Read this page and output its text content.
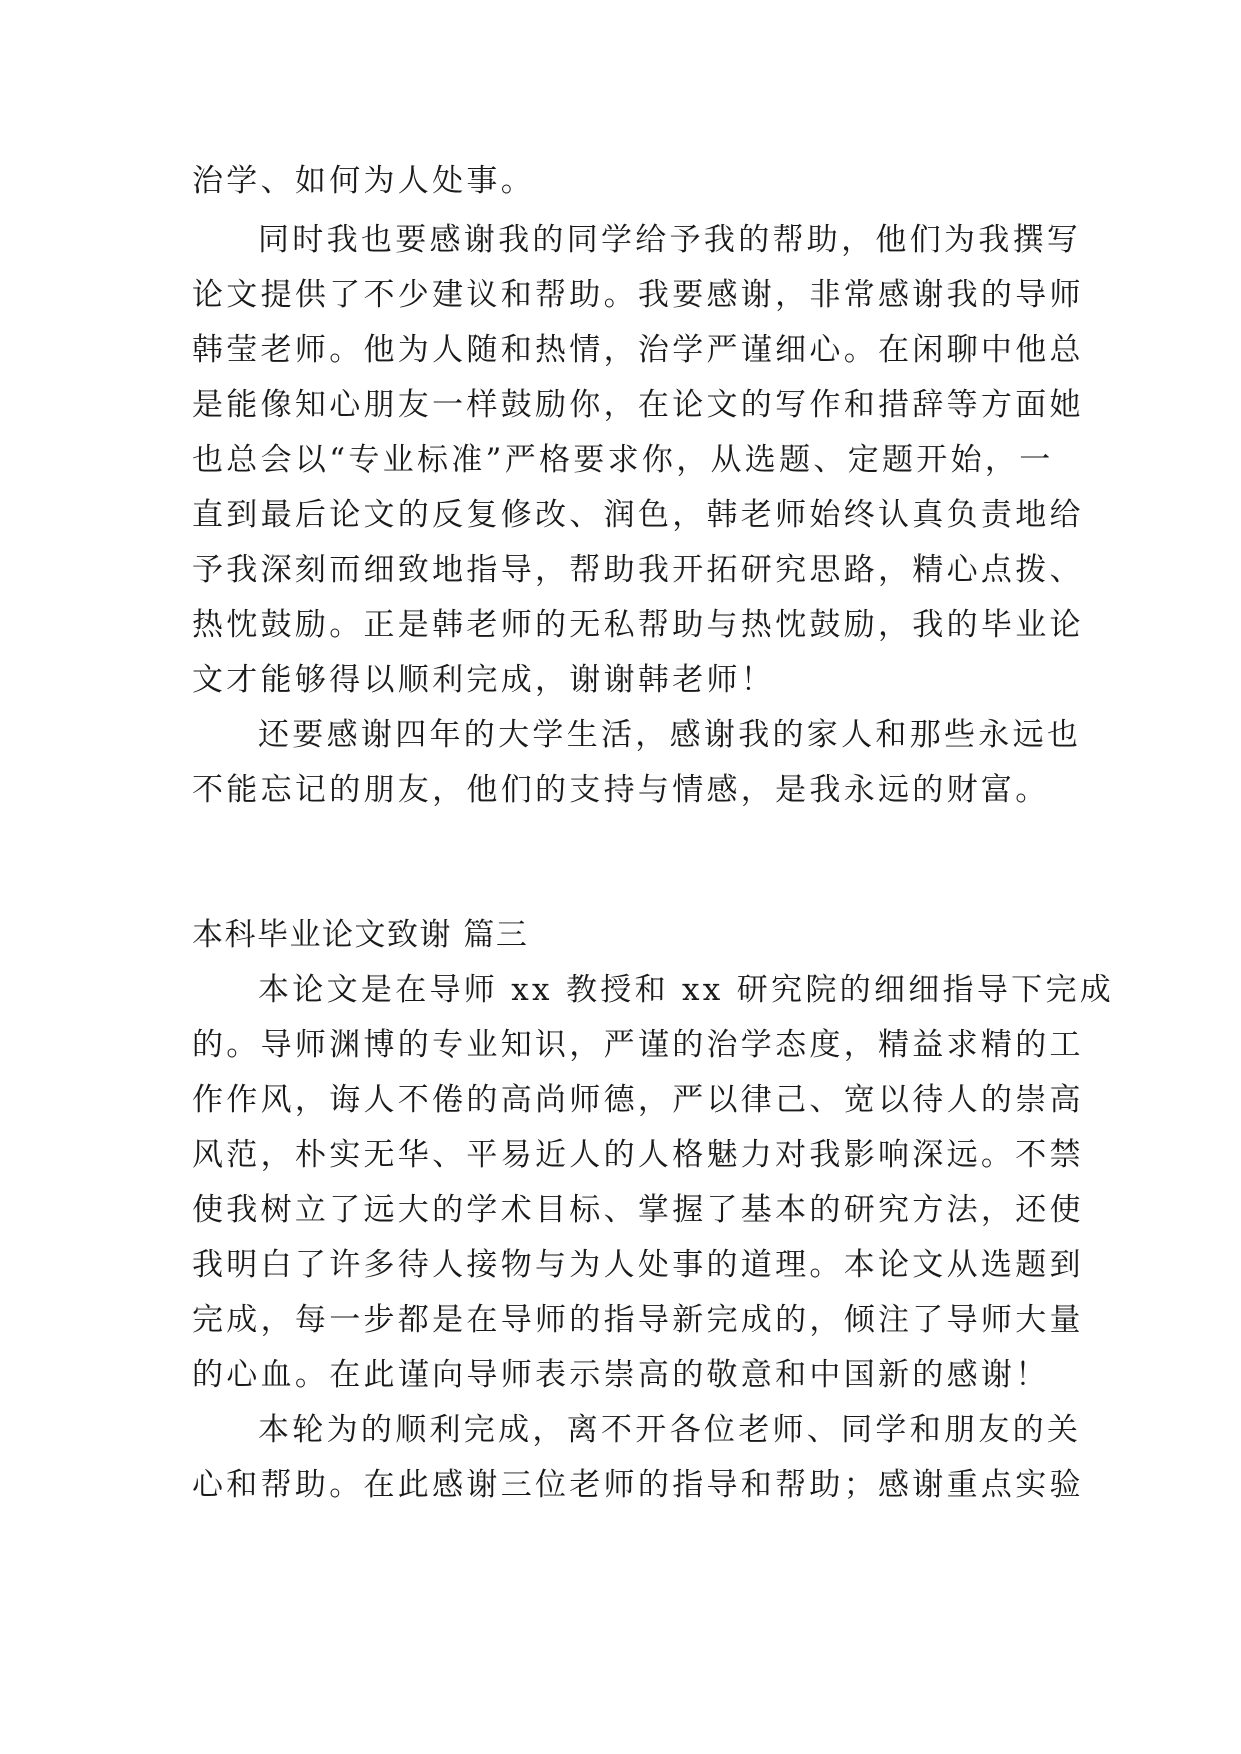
治学、如何为人处事。
同时我也要感谢我的同学给予我的帮助，他们为我撰写
论文提供了不少建议和帮助。我要感谢，非常感谢我的导师
韩莹老师。他为人随和热情，治学严谨细心。在闲聊中他总
是能像知心朋友一样鼓励你，在论文的写作和措辞等方面她
也总会以“专业标准”严格要求你，从选题、定题开始，一
直到最后论文的反复修改、润色，韩老师始终认真负责地给
予我深刻而细致地指导，帮助我开拓研究思路，精心点拨、
热忱鼓励。正是韩老师的无私帮助与热忱鼓励，我的毕业论
文才能够得以顺利完成，谢谢韩老师！
还要感谢四年的大学生活，感谢我的家人和那些永远也
不能忘记的朋友，他们的支持与情感，是我永远的财富。
本科毕业论文致谢 篇三
本论文是在导师 xx 教授和 xx 研究院的细细指导下完成
的。导师渊博的专业知识，严谨的治学态度，精益求精的工
作作风，诲人不倦的高尚师德，严以律己、宽以待人的崇高
风范，朴实无华、平易近人的人格魅力对我影响深远。不禁
使我树立了远大的学术目标、掌握了基本的研究方法，还使
我明白了许多待人接物与为人处事的道理。本论文从选题到
完成，每一步都是在导师的指导新完成的，倾注了导师大量
的心血。在此谨向导师表示崇高的敬意和中国新的感谢！
本轮为的顺利完成，离不开各位老师、同学和朋友的关
心和帮助。在此感谢三位老师的指导和帮助；感谢重点实验
